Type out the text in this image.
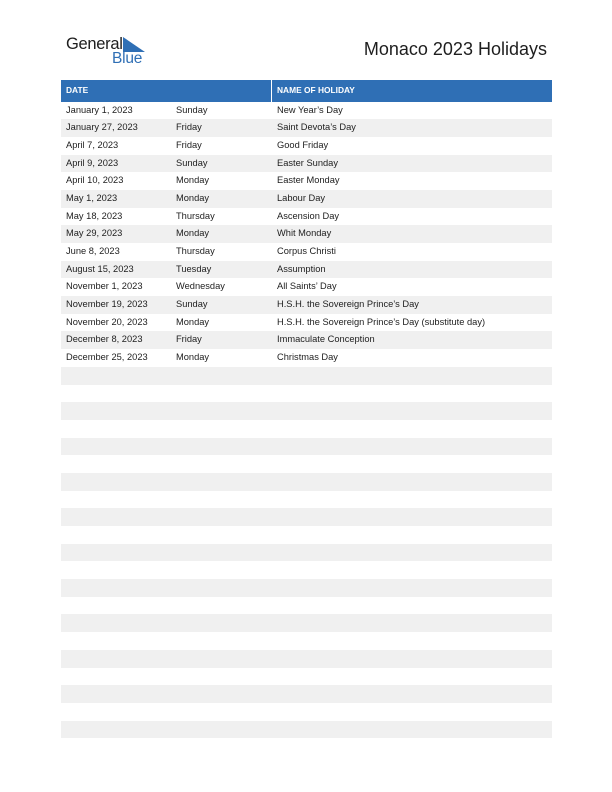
General
Blue	Monaco 2023 Holidays
DATE	NAME OF HOLIDAY
January 1, 2023	Sunday	New Year’s Day
January 27, 2023	Friday	Saint Devota’s Day
April 7, 2023	Friday	Good Friday
April 9, 2023	Sunday	Easter Sunday
April 10, 2023	Monday	Easter Monday
May 1, 2023	Monday	Labour Day
May 18, 2023	Thursday	Ascension Day
May 29, 2023	Monday	Whit Monday
June 8, 2023	Thursday	Corpus Christi
August 15, 2023	Tuesday	Assumption
November 1, 2023	Wednesday	All Saints’ Day
November 19, 2023	Sunday	H.S.H. the Sovereign Prince’s Day
November 20, 2023	Monday	H.S.H. the Sovereign Prince’s Day (substitute day)
December 8, 2023	Friday	Immaculate Conception
December 25, 2023	Monday	Christmas Day
